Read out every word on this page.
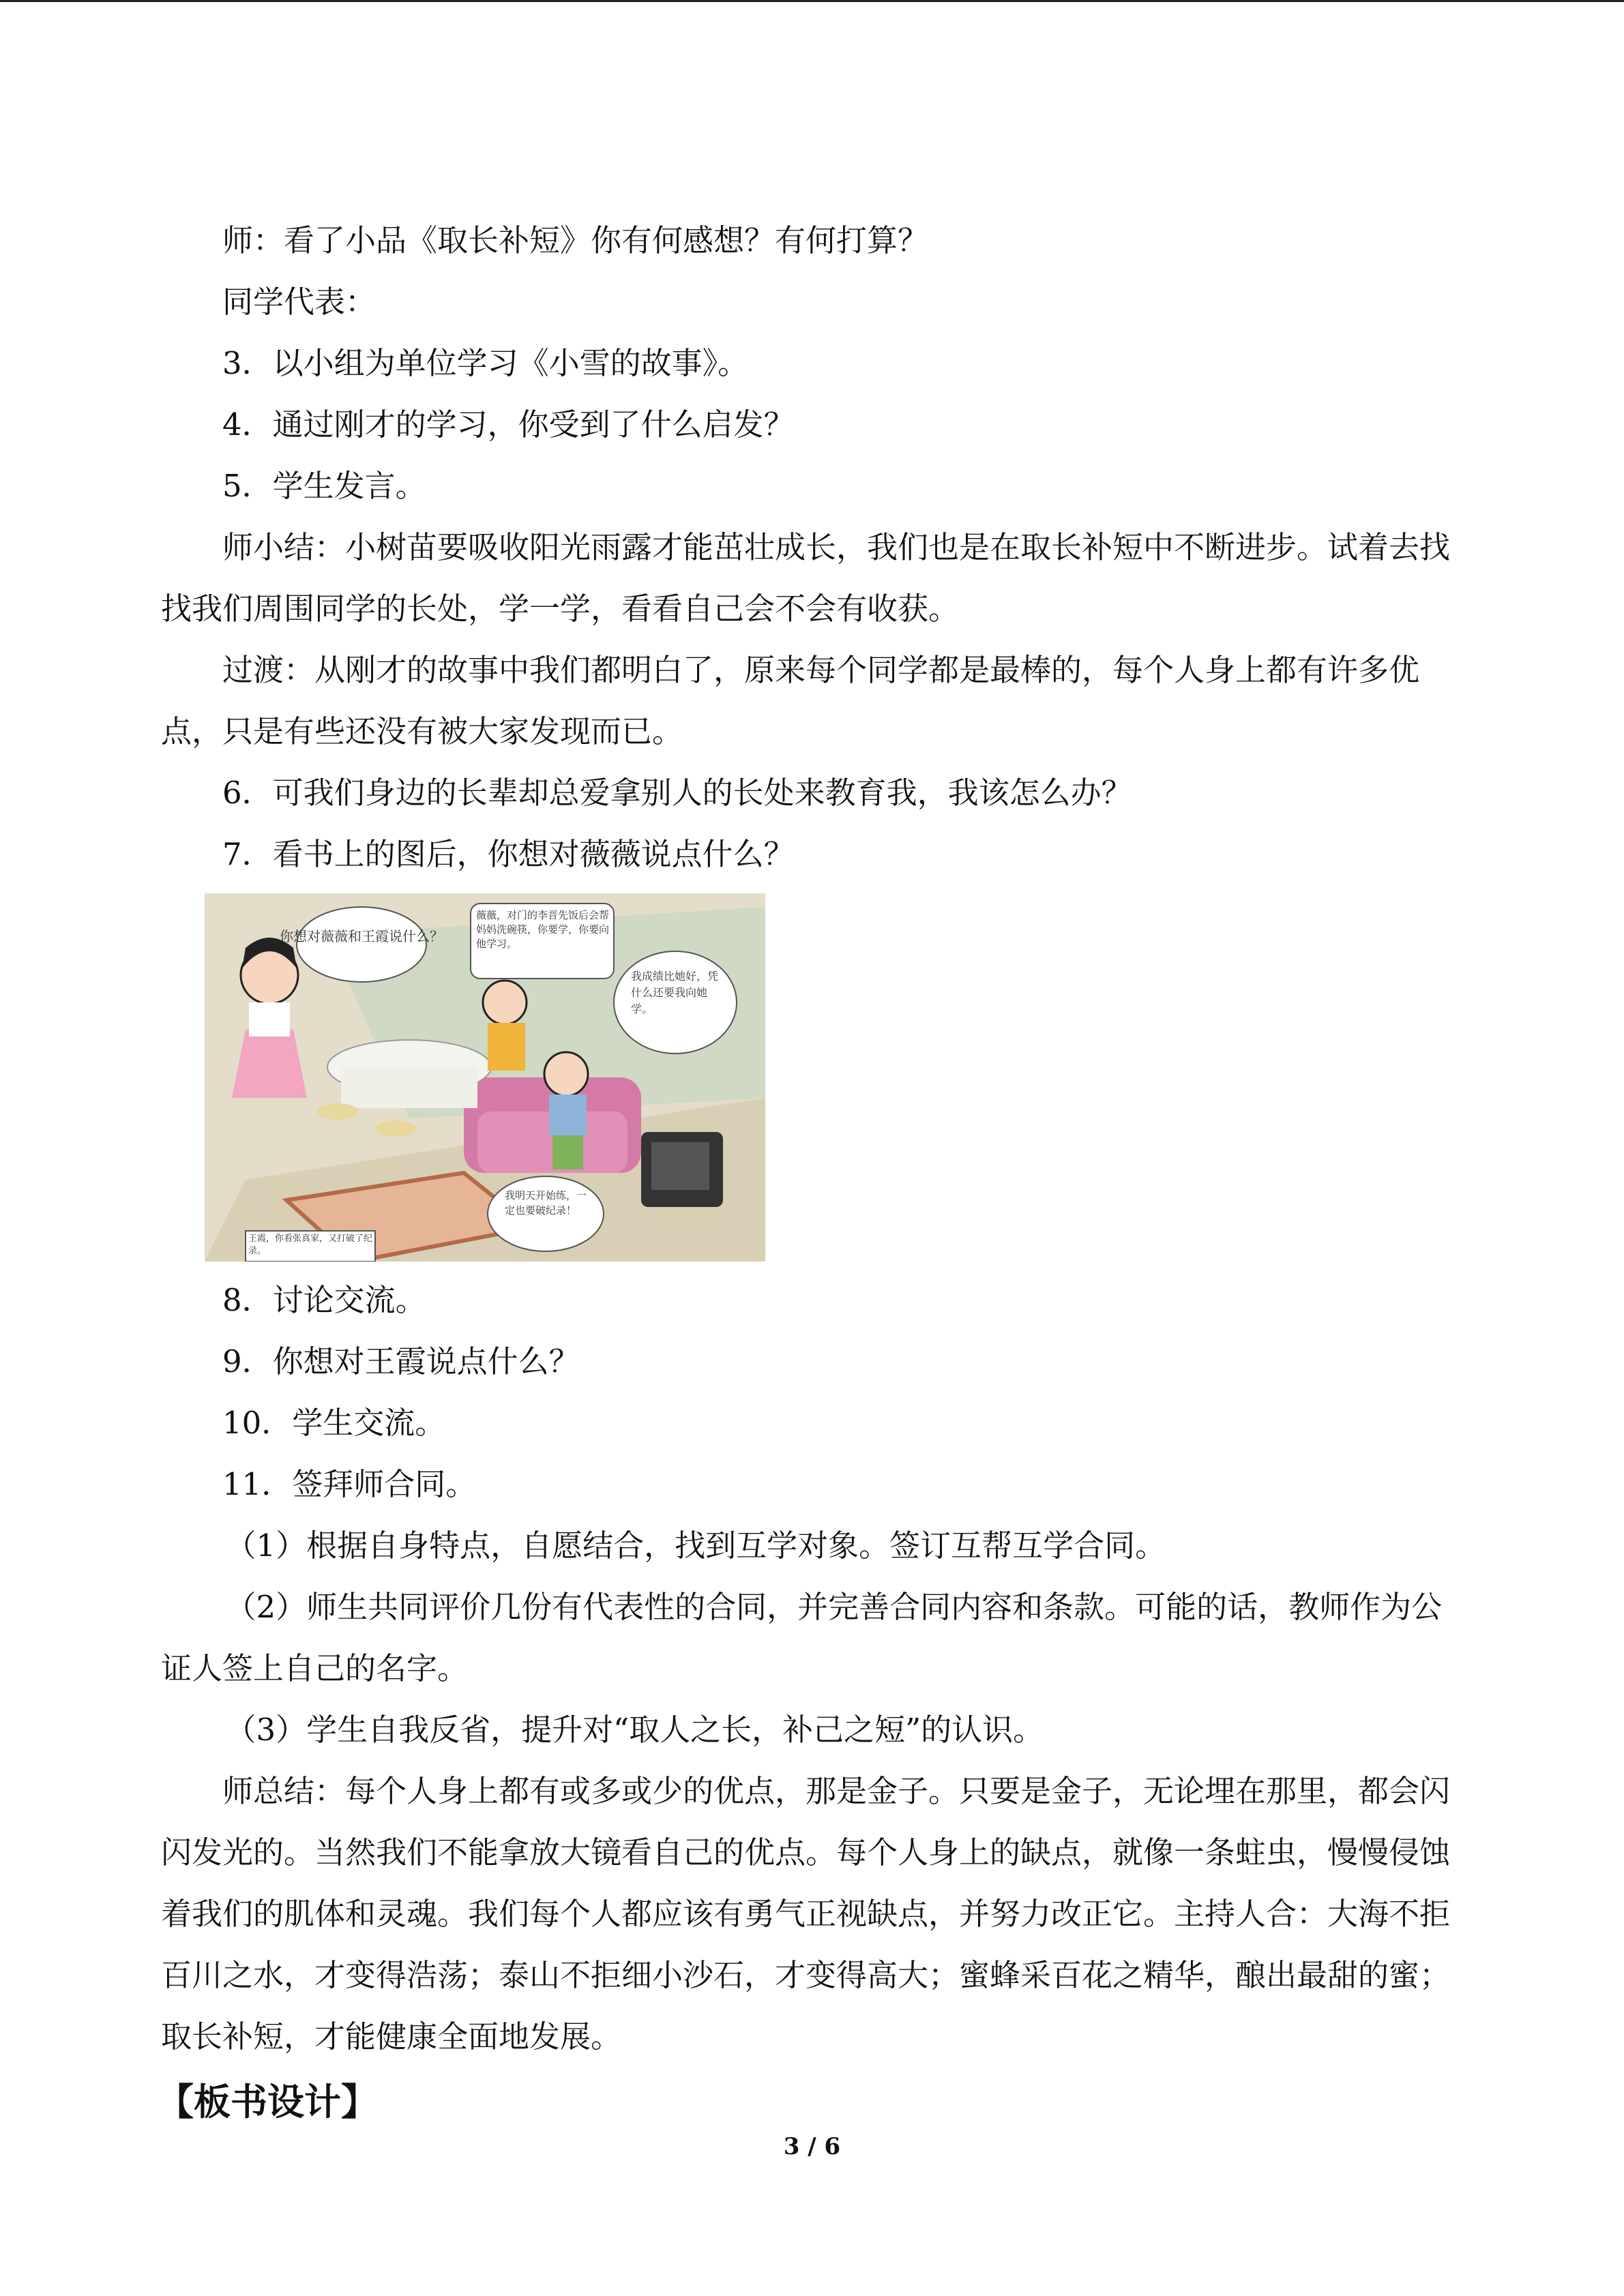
师：看了小品《取长补短》你有何感想？有何打算？

同学代表：

3．以小组为单位学习《小雪的故事》。

4．通过刚才的学习，你受到了什么启发？

5．学生发言。

师小结：小树苗要吸收阳光雨露才能茁壮成长，我们也是在取长补短中不断进步。试着去找找我们周围同学的长处，学一学，看看自己会不会有收获。

过渡：从刚才的故事中我们都明白了，原来每个同学都是最棒的，每个人身上都有许多优点，只是有些还没有被大家发现而已。

6．可我们身边的长辈却总爱拿别人的长处来教育我，我该怎么办？

7．看书上的图后，你想对薇薇说点什么？

你想对薇薇和王霞说什么？
薇薇，对门的李晋先饭后会帮妈妈洗碗筷，你要学，你要向他学习。
我成绩比她好，凭什么还要我向她学。
我明天开始练，一定也要破纪录！
王霞，你看张真家，又打破了纪录。

8．讨论交流。

9．你想对王霞说点什么？

10．学生交流。

11．签拜师合同。

（1）根据自身特点，自愿结合，找到互学对象。签订互帮互学合同。

（2）师生共同评价几份有代表性的合同，并完善合同内容和条款。可能的话，教师作为公证人签上自己的名字。

（3）学生自我反省，提升对“取人之长，补己之短”的认识。

师总结：每个人身上都有或多或少的优点，那是金子。只要是金子，无论埋在那里，都会闪闪发光的。当然我们不能拿放大镜看自己的优点。每个人身上的缺点，就像一条蛀虫，慢慢侵蚀着我们的肌体和灵魂。我们每个人都应该有勇气正视缺点，并努力改正它。主持人合：大海不拒百川之水，才变得浩荡；泰山不拒细小沙石，才变得高大；蜜蜂采百花之精华，酿出最甜的蜜；取长补短，才能健康全面地发展。

【板书设计】

3 / 6
